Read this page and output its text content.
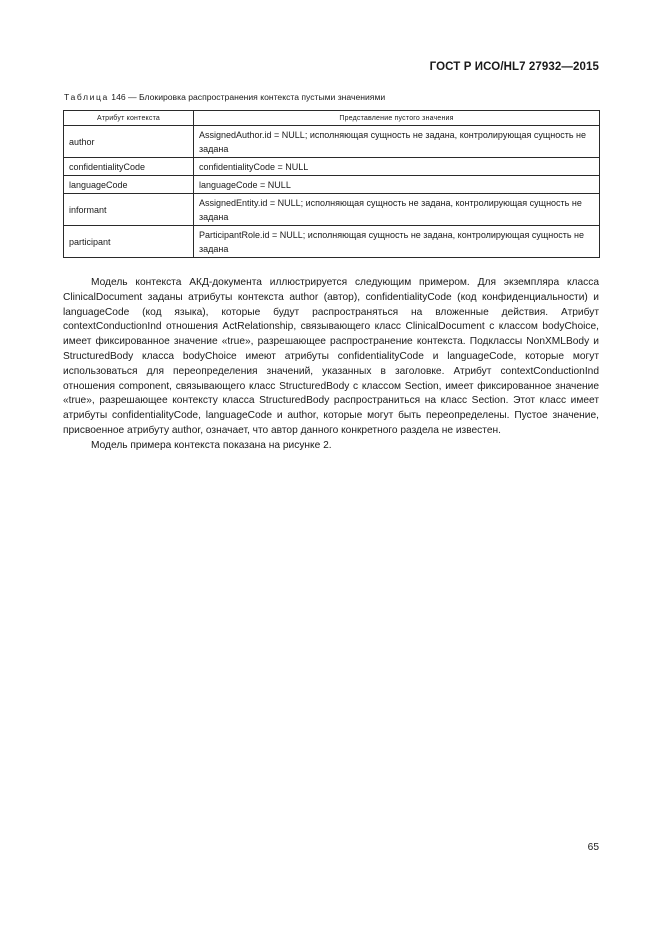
ГОСТ Р ИСО/HL7 27932—2015
Таблица 146 — Блокировка распространения контекста пустыми значениями
Атрибут контекста	Представление пустого значения
author	AssignedAuthor.id = NULL; исполняющая сущность не задана, контролирующая сущность не задана
confidentialityCode	confidentialityCode = NULL
languageCode	languageCode = NULL
informant	AssignedEntity.id = NULL; исполняющая сущность не задана, контролирующая сущность не задана
participant	ParticipantRole.id = NULL; исполняющая сущность не задана, контролирующая сущность не задана

Модель контекста АКД-документа иллюстрируется следующим примером. Для экземпляра класса ClinicalDocument заданы атрибуты контекста author (автор), confidentialityCode (код конфиденциальности) и languageCode (код языка), которые будут распространяться на вложенные действия. Атрибут contextConductionInd отношения ActRelationship, связывающего класс ClinicalDocument с классом bodyChoice, имеет фиксированное значение «true», разрешающее распространение контекста. Подклассы NonXMLBody и StructuredBody класса bodyChoice имеют атрибуты confidentialityCode и languageCode, которые могут использоваться для переопределения значений, указанных в заголовке. Атрибут contextConductionInd отношения component, связывающего класс StructuredBody с классом Section, имеет фиксированное значение «true», разрешающее контексту класса StructuredBody распространиться на класс Section. Этот класс имеет атрибуты confidentialityCode, languageCode и author, которые могут быть переопределены. Пустое значение, присвоенное атрибуту author, означает, что автор данного конкретного раздела не известен.

Модель примера контекста показана на рисунке 2.

65
